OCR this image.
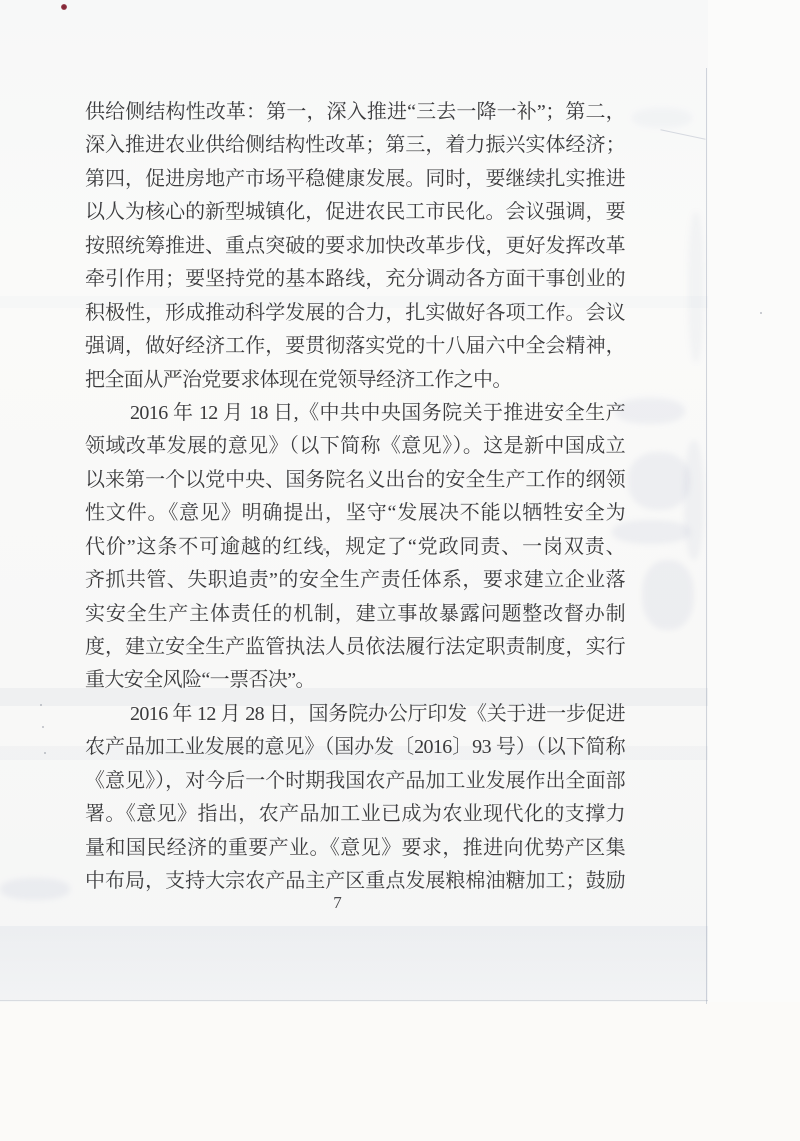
供给侧结构性改革：第一，深入推进“三去一降一补”；第二，
深入推进农业供给侧结构性改革；第三，着力振兴实体经济；
第四，促进房地产市场平稳健康发展。同时，要继续扎实推进
以人为核心的新型城镇化，促进农民工市民化。会议强调，要
按照统筹推进、重点突破的要求加快改革步伐，更好发挥改革
牵引作用；要坚持党的基本路线，充分调动各方面干事创业的
积极性，形成推动科学发展的合力，扎实做好各项工作。会议
强调，做好经济工作，要贯彻落实党的十八届六中全会精神，
把全面从严治党要求体现在党领导经济工作之中。
2016 年 12 月 18 日,《中共中央国务院关于推进安全生产
领域改革发展的意见》（以下简称《意见》）。这是新中国成立
以来第一个以党中央、国务院名义出台的安全生产工作的纲领
性文件。《意见》明确提出，坚守“发展决不能以牺牲安全为
代价”这条不可逾越的红线，规定了“党政同责、一岗双责、
齐抓共管、失职追责”的安全生产责任体系，要求建立企业落
实安全生产主体责任的机制，建立事故暴露问题整改督办制
度，建立安全生产监管执法人员依法履行法定职责制度，实行
重大安全风险“一票否决”。
2016 年 12 月 28 日，国务院办公厅印发《关于进一步促进
农产品加工业发展的意见》（国办发〔2016〕93 号）（以下简称
《意见》），对今后一个时期我国农产品加工业发展作出全面部
署。《意见》指出，农产品加工业已成为农业现代化的支撑力
量和国民经济的重要产业。《意见》要求，推进向优势产区集
中布局，支持大宗农产品主产区重点发展粮棉油糖加工；鼓励
7
